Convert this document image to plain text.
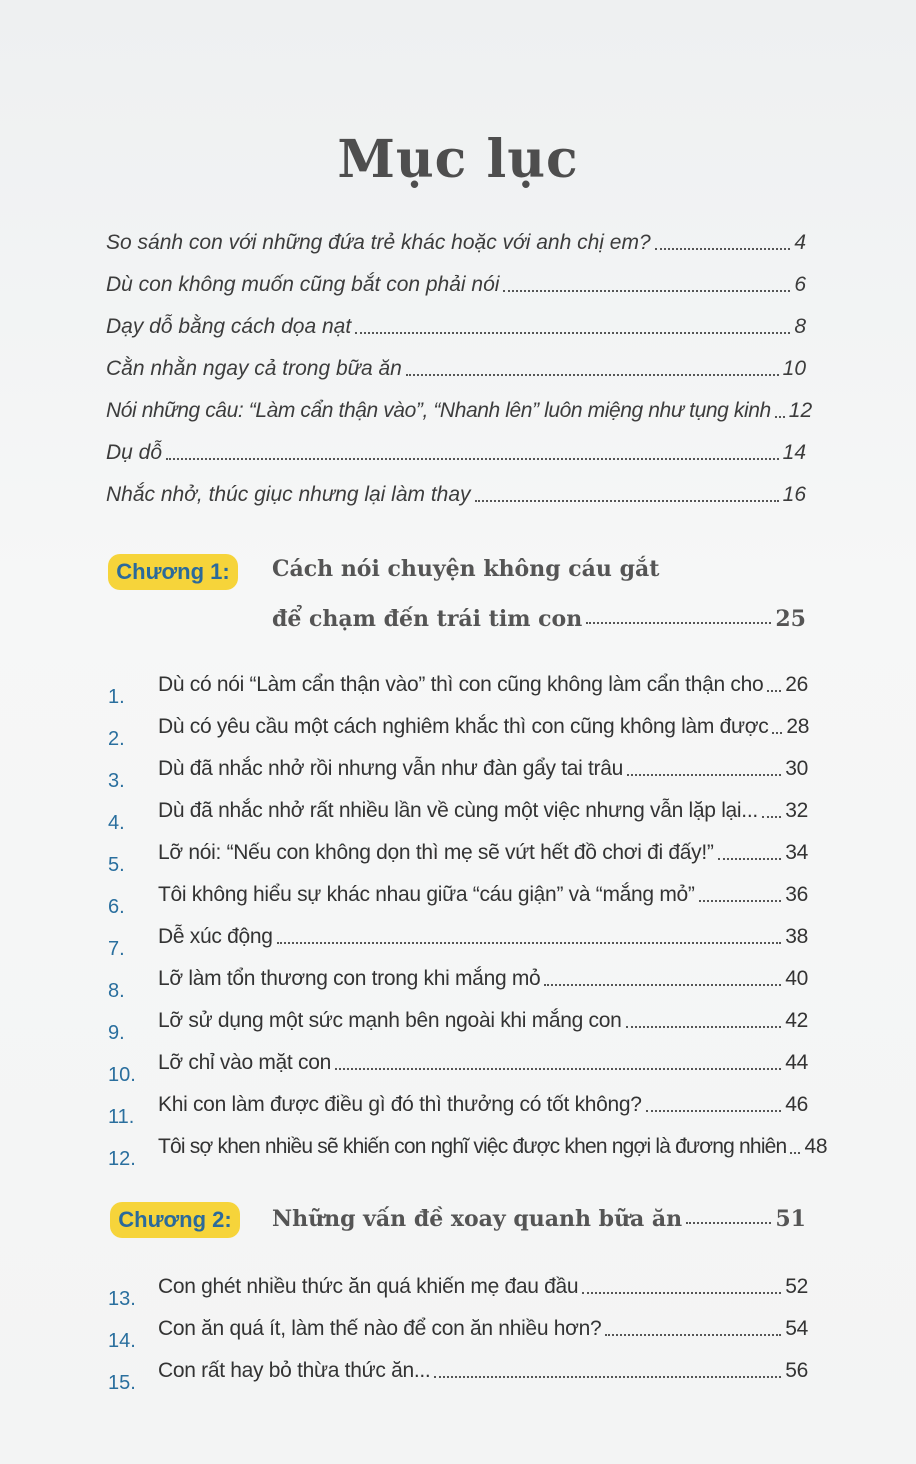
Mục lục
So sánh con với những đứa trẻ khác hoặc với anh chị em?	4
Dù con không muốn cũng bắt con phải nói	6
Dạy dỗ bằng cách dọa nạt	8
Cằn nhằn ngay cả trong bữa ăn	10
Nói những câu: “Làm cẩn thận vào”, “Nhanh lên” luôn miệng như tụng kinh 12
Dụ dỗ	14
Nhắc nhở, thúc giục nhưng lại làm thay	16
Chương 1:	Cách nói chuyện không cáu gắt
để chạm đến trái tim con	25
1.
Dù có nói “Làm cẩn thận vào” thì con cũng không làm cẩn thận cho 26
2.
Dù có yêu cầu một cách nghiêm khắc thì con cũng không làm được 28
3.
Dù đã nhắc nhở rồi nhưng vẫn như đàn gẩy tai trâu	30
4.
Dù đã nhắc nhở rất nhiều lần về cùng một việc nhưng vẫn lặp lại... 32
5.
Lỡ nói: “Nếu con không dọn thì mẹ sẽ vứt hết đồ chơi đi đấy!”	34
6.
Tôi không hiểu sự khác nhau giữa “cáu giận” và “mắng mỏ”	36
7.
Dễ xúc động	38
8.
Lỡ làm tổn thương con trong khi mắng mỏ	40
9.
Lỡ sử dụng một sức mạnh bên ngoài khi mắng con	42
10.
Lỡ chỉ vào mặt con	44
11.
Khi con làm được điều gì đó thì thưởng có tốt không?	46
12.
Tôi sợ khen nhiều sẽ khiến con nghĩ việc được khen ngợi là đương nhiên 48
Chương 2:	Những vấn đề xoay quanh bữa ăn	51
13.
Con ghét nhiều thức ăn quá khiến mẹ đau đầu	52
14.
Con ăn quá ít, làm thế nào để con ăn nhiều hơn?	54
15.
Con rất hay bỏ thừa thức ăn...	56
